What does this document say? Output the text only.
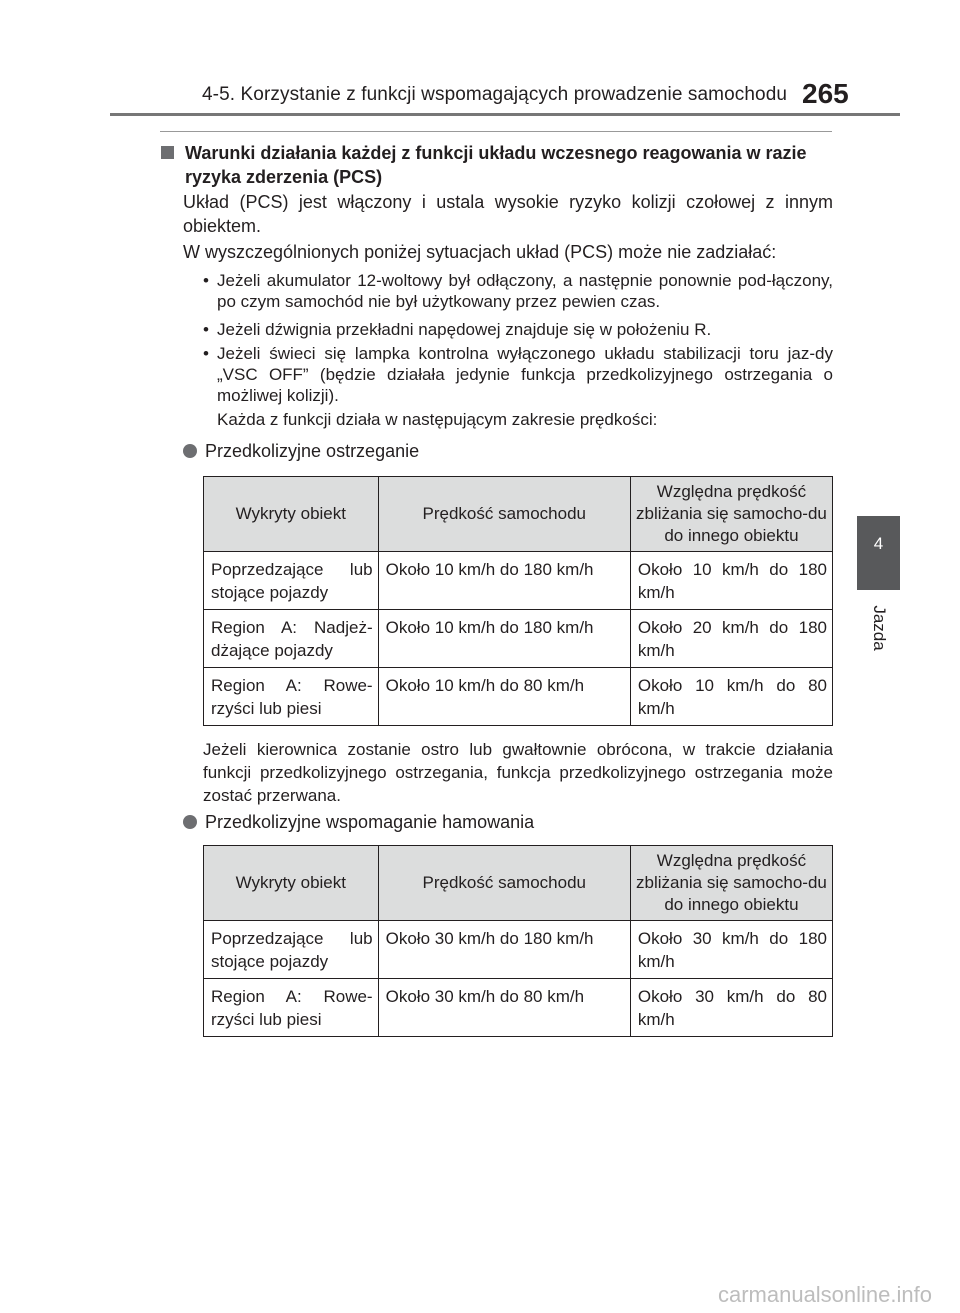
4-5. Korzystanie z funkcji wspomagających prowadzenie samochodu 265
4
Jazda
Warunki działania każdej z funkcji układu wczesnego reagowania w razie ryzyka zderzenia (PCS)
Układ (PCS) jest włączony i ustala wysokie ryzyko kolizji czołowej z innym obiektem.
W wyszczególnionych poniżej sytuacjach układ (PCS) może nie zadziałać:
• Jeżeli akumulator 12-woltowy był odłączony, a następnie ponownie pod-łączony, po czym samochód nie był użytkowany przez pewien czas.
• Jeżeli dźwignia przekładni napędowej znajduje się w położeniu R.
• Jeżeli świeci się lampka kontrolna wyłączonego układu stabilizacji toru jaz-dy „VSC OFF” (będzie działała jedynie funkcja przedkolizyjnego ostrzegania o możliwej kolizji).
Każda z funkcji działa w następującym zakresie prędkości:
Przedkolizyjne ostrzeganie
Wykryty obiekt	Prędkość samochodu	Względna prędkość zbliżania się samocho-du do innego obiektu
Poprzedzające lub stojące pojazdy	Około 10 km/h do 180 km/h	Około 10 km/h do 180 km/h
Region A: Nadjeż-dżające pojazdy	Około 10 km/h do 180 km/h	Około 20 km/h do 180 km/h
Region A: Rowe-rzyści lub piesi	Około 10 km/h do 80 km/h	Około 10 km/h do 80 km/h
Jeżeli kierownica zostanie ostro lub gwałtownie obrócona, w trakcie działania funkcji przedkolizyjnego ostrzegania, funkcja przedkolizyjnego ostrzegania może zostać przerwana.
Przedkolizyjne wspomaganie hamowania
Wykryty obiekt	Prędkość samochodu	Względna prędkość zbliżania się samocho-du do innego obiektu
Poprzedzające lub stojące pojazdy	Około 30 km/h do 180 km/h	Około 30 km/h do 180 km/h
Region A: Rowe-rzyści lub piesi	Około 30 km/h do 80 km/h	Około 30 km/h do 80 km/h
carmanualsonline.info
